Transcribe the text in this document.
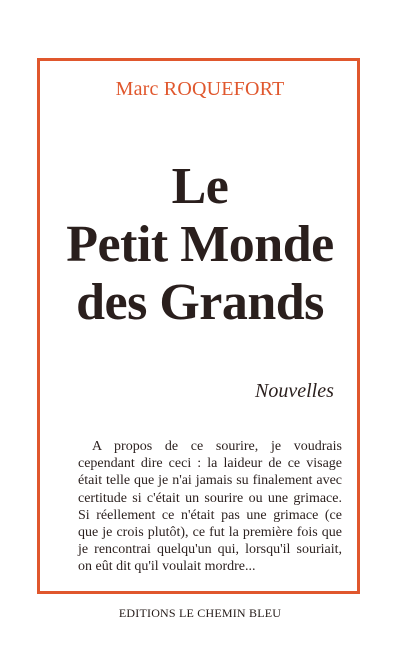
Marc ROQUEFORT
Le
Petit Monde
des Grands
Nouvelles
A propos de ce sourire, je voudrais cependant dire ceci : la laideur de ce visage était telle que je n'ai jamais su finalement avec certitude si c'était un sourire ou une grimace. Si réellement ce n'était pas une grimace (ce que je crois plutôt), ce fut la première fois que je rencontrai quelqu'un qui, lorsqu'il souriait, on eût dit qu'il voulait mordre...
EDITIONS LE CHEMIN BLEU
